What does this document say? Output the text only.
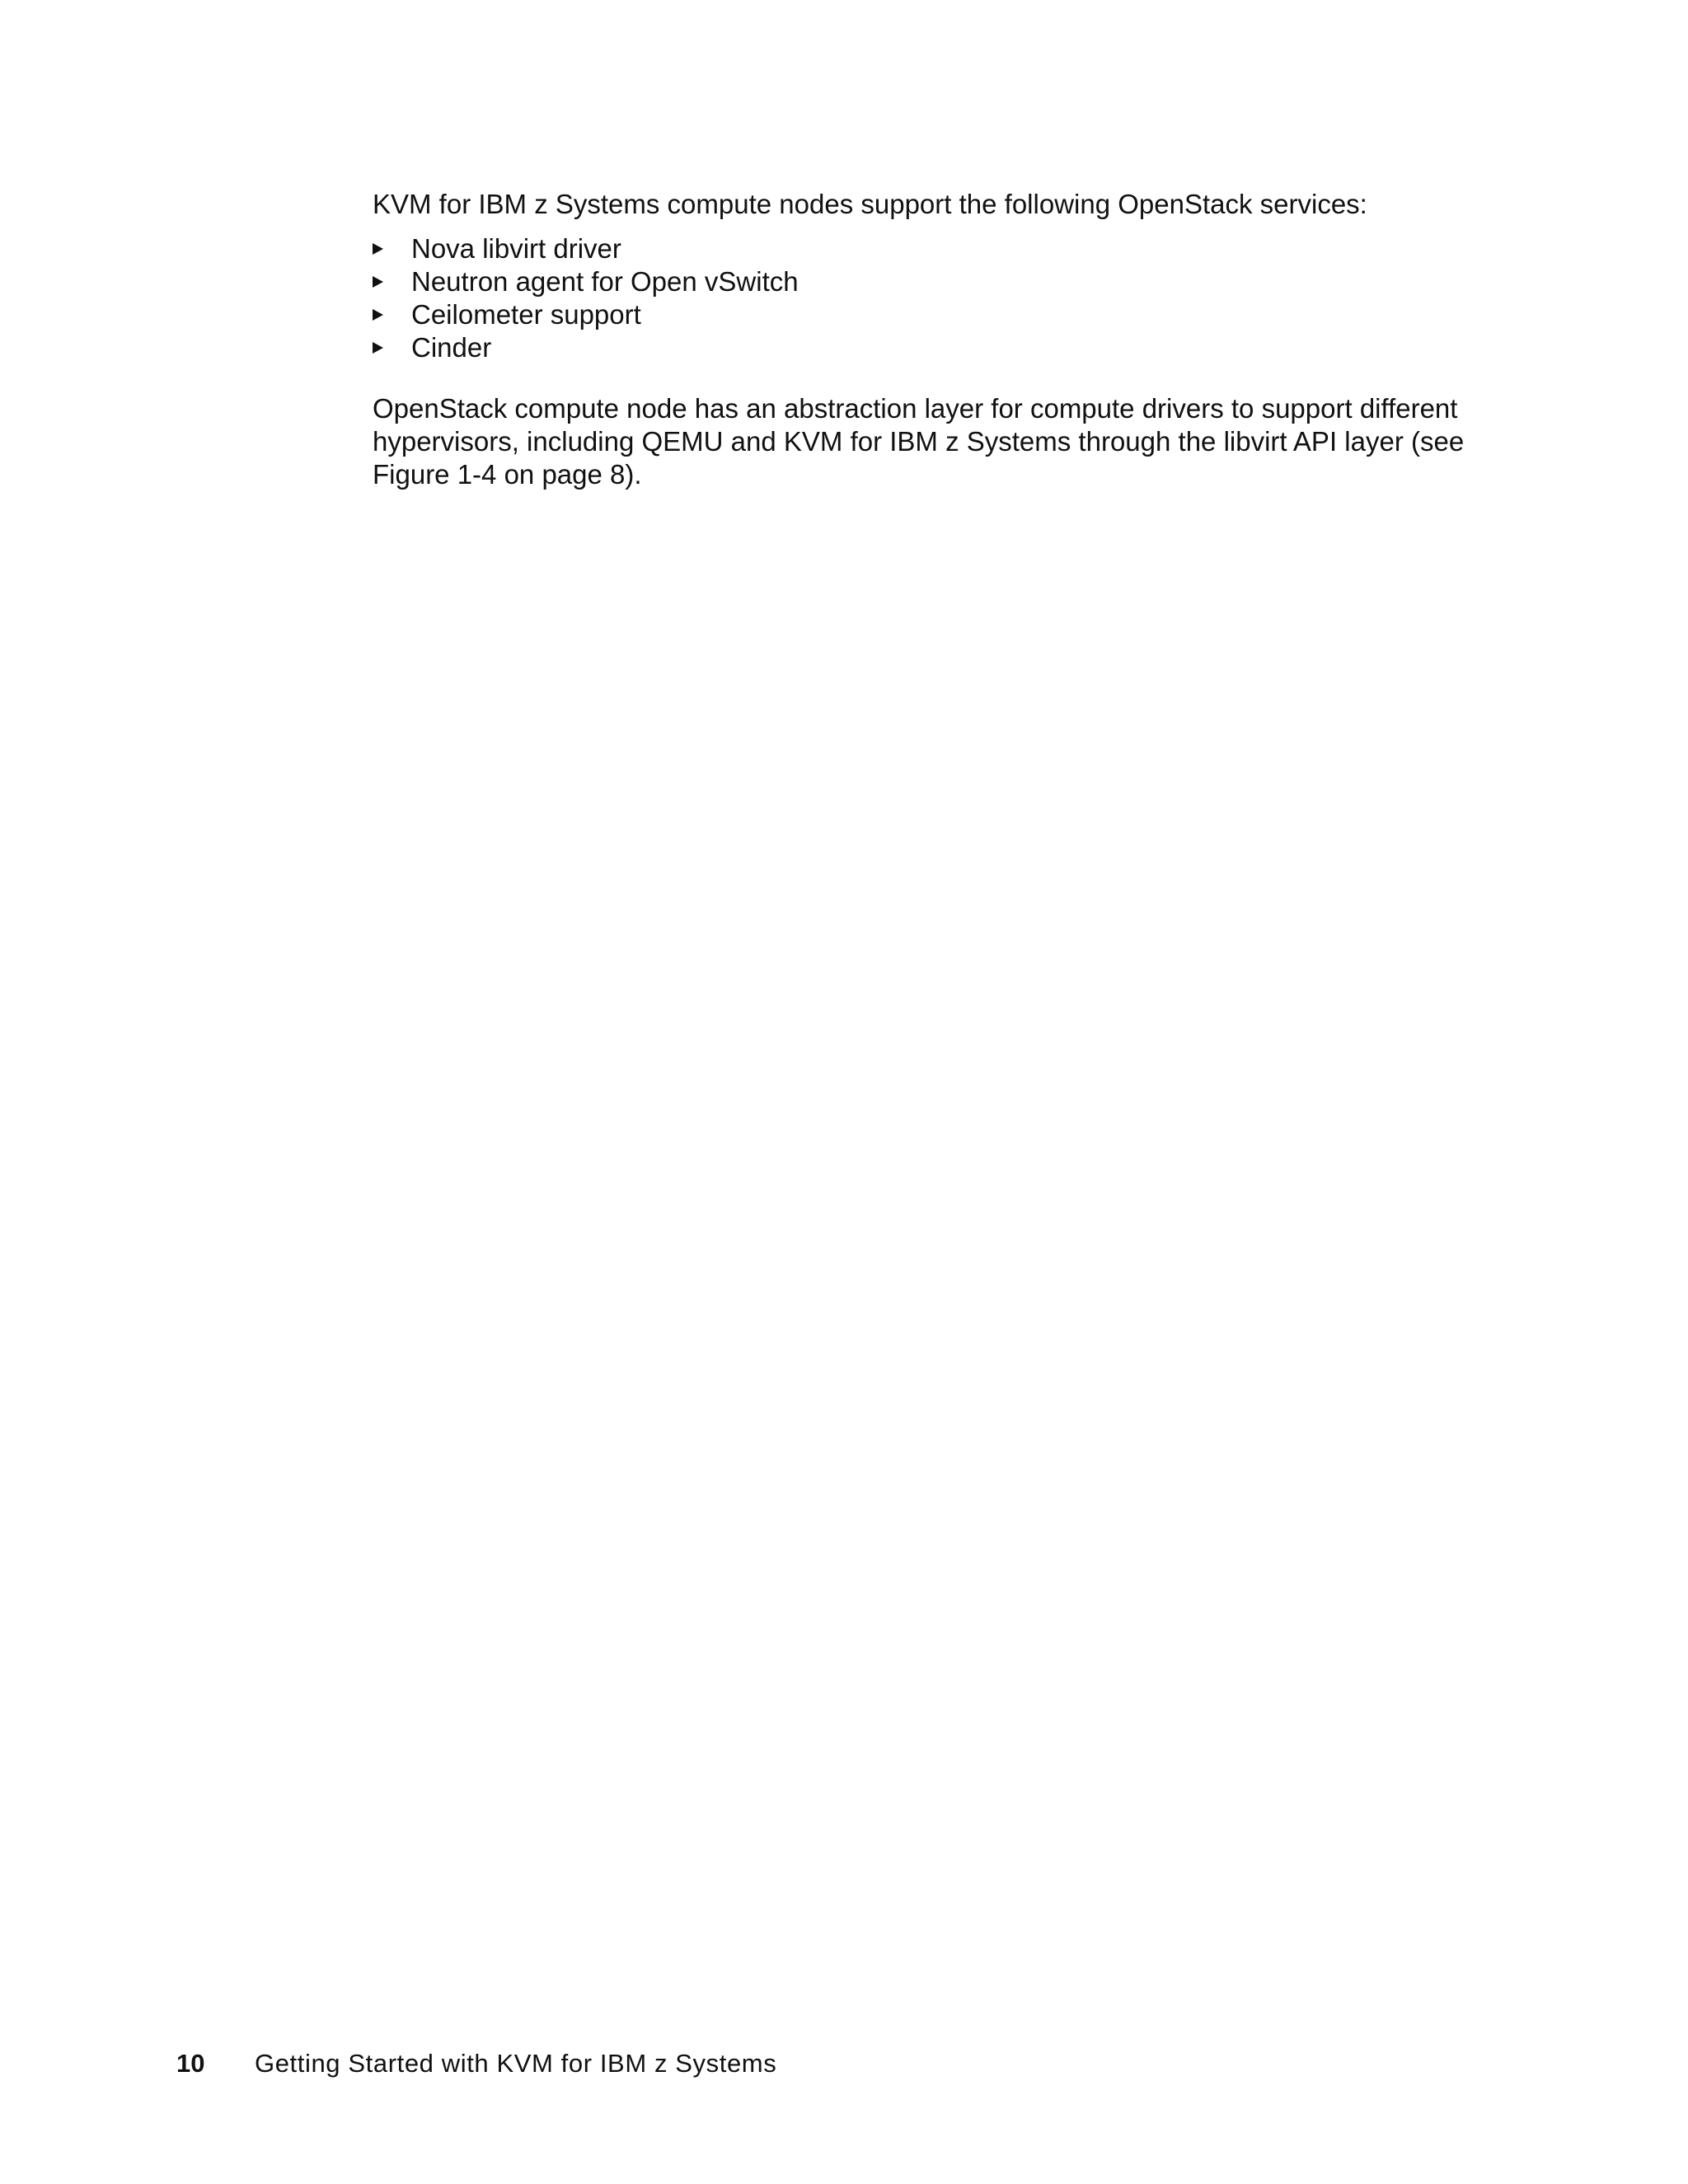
KVM for IBM z Systems compute nodes support the following OpenStack services:

Nova libvirt driver
Neutron agent for Open vSwitch
Ceilometer support
Cinder

OpenStack compute node has an abstraction layer for compute drivers to support different hypervisors, including QEMU and KVM for IBM z Systems through the libvirt API layer (see Figure 1-4 on page 8).

10 Getting Started with KVM for IBM z Systems
